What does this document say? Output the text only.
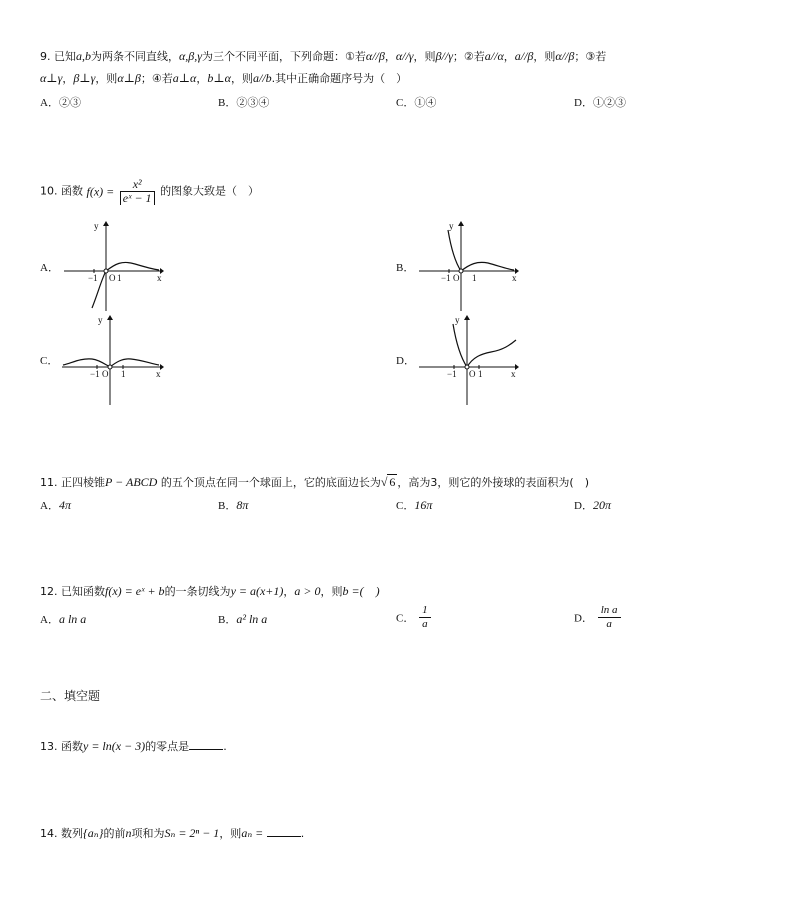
9. 已知a,b为两条不同直线，α,β,γ为三个不同平面，下列命题：①若α//β，α//γ，则β//γ；②若a//α，a//β，则α//β；③若
α⊥γ，β⊥γ，则α⊥β；④若a⊥α，b⊥α，则a//b.其中正确命题序号为（　）
A．②③	B．②③④	C．①④	D．①②③
10. 函数 $f(x) = \frac{\text{x²}}{\text{eˣ − 1}}$ 的图象大致是（　）
A．
y
x
−1 O 1
B．
y
x
−1 O 1
C．
y
x
−1 O 1
D．
y
x
−1 O 1
11. 正四棱锥P − ABCD 的五个顶点在同一个球面上，它的底面边长为√ 6 ，高为3，则它的外接球的表面积为(　)
A．4π	B．8π	C．16π	D．20π
12. 已知函数f(x) = eˣ + b的一条切线为y = a(x+1)，a > 0，则b =(　)
A．a ln a	B．a² ln a	C． $\frac{1}{a}$	D． $\frac{\text{ln a}}{a}$
二、填空题
13. 函数y = ln(x − 3)的零点是	.
14. 数列{aₙ}的前n项和为Sₙ = 2ⁿ − 1，则aₙ =	.
